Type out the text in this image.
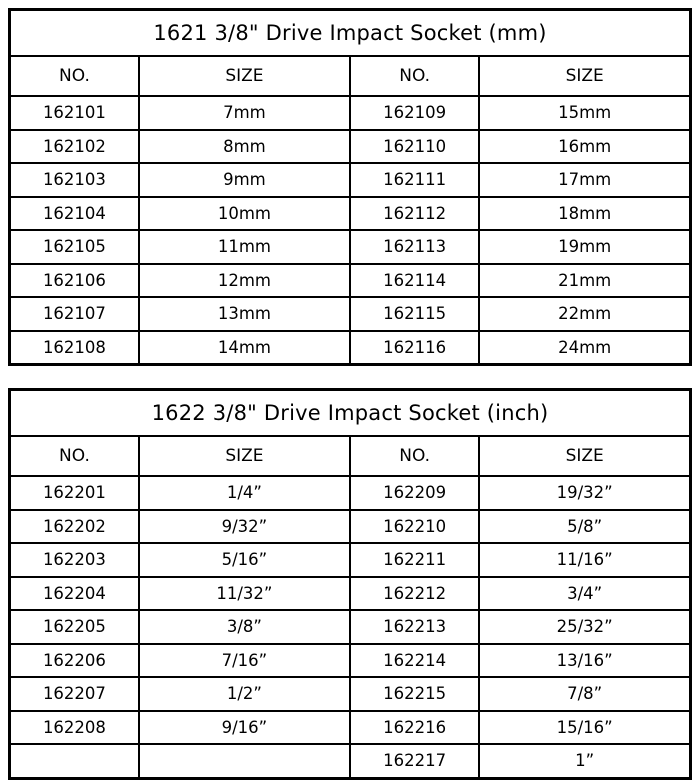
1621 3/8" Drive Impact Socket (mm)			
NO.	SIZE	NO.	SIZE
162101	7mm	162109	15mm
162102	8mm	162110	16mm
162103	9mm	162111	17mm
162104	10mm	162112	18mm
162105	11mm	162113	19mm
162106	12mm	162114	21mm
162107	13mm	162115	22mm
162108	14mm	162116	24mm
1622 3/8" Drive Impact Socket (inch)			
NO.	SIZE	NO.	SIZE
162201	1/4”	162209	19/32”
162202	9/32”	162210	5/8”
162203	5/16”	162211	11/16”
162204	11/32”	162212	3/4”
162205	3/8”	162213	25/32”
162206	7/16”	162214	13/16”
162207	1/2”	162215	7/8”
162208	9/16”	162216	15/16”
		162217	1”
